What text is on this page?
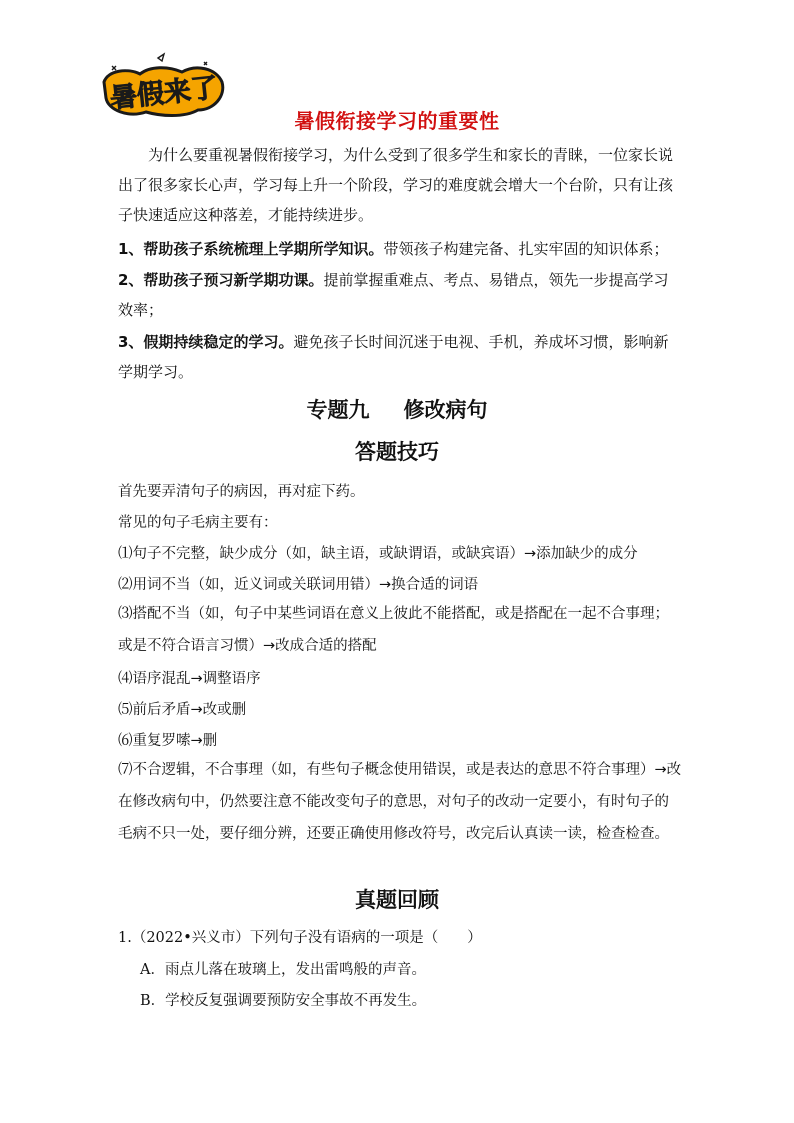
暑假来了
暑假衔接学习的重要性
为什么要重视暑假衔接学习，为什么受到了很多学生和家长的青睐，一位家长说出了很多家长心声，学习每上升一个阶段，学习的难度就会增大一个台阶，只有让孩子快速适应这种落差，才能持续进步。
1、帮助孩子系统梳理上学期所学知识。带领孩子构建完备、扎实牢固的知识体系；
2、帮助孩子预习新学期功课。提前掌握重难点、考点、易错点，领先一步提高学习效率；
3、假期持续稳定的学习。避免孩子长时间沉迷于电视、手机，养成坏习惯，影响新学期学习。
专题九 修改病句
答题技巧
首先要弄清句子的病因，再对症下药。
常见的句子毛病主要有：
⑴句子不完整，缺少成分（如，缺主语，或缺谓语，或缺宾语）→添加缺少的成分
⑵用词不当（如，近义词或关联词用错）→换合适的词语
⑶搭配不当（如，句子中某些词语在意义上彼此不能搭配，或是搭配在一起不合事理；或是不符合语言习惯）→改成合适的搭配
⑷语序混乱→调整语序
⑸前后矛盾→改或删
⑹重复罗嗦→删
⑺不合逻辑，不合事理（如，有些句子概念使用错误，或是表达的意思不符合事理）→改在修改病句中，仍然要注意不能改变句子的意思，对句子的改动一定要小，有时句子的毛病不只一处，要仔细分辨，还要正确使用修改符号，改完后认真读一读，检查检查。
真题回顾
1.（2022•兴义市）下列句子没有语病的一项是（　　）
A．雨点儿落在玻璃上，发出雷鸣般的声音。
B．学校反复强调要预防安全事故不再发生。
